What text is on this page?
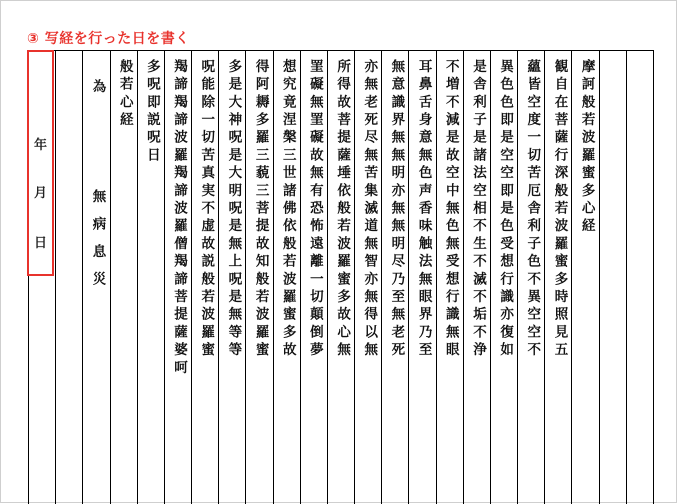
③ 写経を行った日を書く
摩訶般若波羅蜜多心経
観自在菩薩行深般若波羅蜜多時照見五
蘊皆空度一切苦厄舎利子色不異空空不
異色色即是空空即是色受想行識亦復如
是舎利子是諸法空相不生不滅不垢不浄
不増不減是故空中無色無受想行識無眼
耳鼻舌身意無色声香味触法無眼界乃至
無意識界無無明亦無無明尽乃至無老死
亦無老死尽無苦集滅道無智亦無得以無
所得故菩提薩埵依般若波羅蜜多故心無
罣礙無罣礙故無有恐怖遠離一切顛倒夢
想究竟涅槃三世諸佛依般若波羅蜜多故
得阿耨多羅三藐三菩提故知般若波羅蜜
多是大神呪是大明呪是無上呪是無等等
呪能除一切苦真実不虚故説般若波羅蜜
羯諦羯諦波羅羯諦波羅僧羯諦菩提薩婆呵
多呪即説呪日
般若心経
為　　　無病息災
年
月
日
